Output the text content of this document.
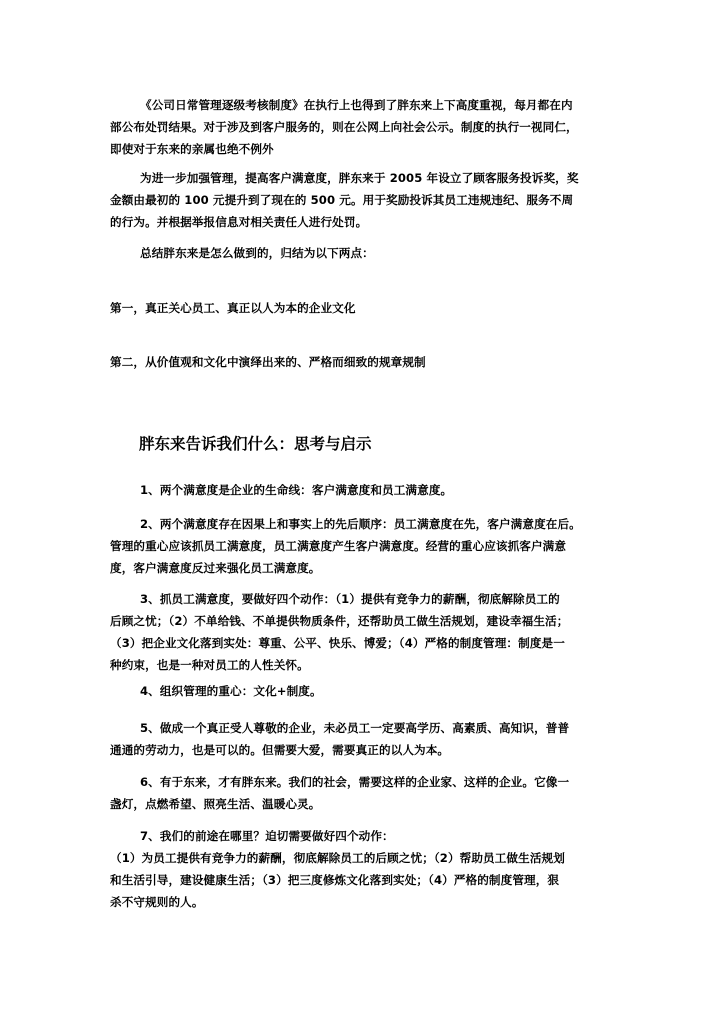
《公司日常管理逐级考核制度》在执行上也得到了胖东来上下高度重视，每月都在内
部公布处罚结果。对于涉及到客户服务的，则在公网上向社会公示。制度的执行一视同仁，
即使对于东来的亲属也绝不例外

为进一步加强管理，提高客户满意度，胖东来于 2005 年设立了顾客服务投诉奖，奖
金额由最初的 100 元提升到了现在的 500 元。用于奖励投诉其员工违规违纪、服务不周
的行为。并根据举报信息对相关责任人进行处罚。

总结胖东来是怎么做到的，归结为以下两点：

第一，真正关心员工、真正以人为本的企业文化

第二，从价值观和文化中演绎出来的、严格而细致的规章规制

胖东来告诉我们什么：思考与启示

1、两个满意度是企业的生命线：客户满意度和员工满意度。

2、两个满意度存在因果上和事实上的先后顺序：员工满意度在先，客户满意度在后。
管理的重心应该抓员工满意度，员工满意度产生客户满意度。经营的重心应该抓客户满意
度，客户满意度反过来强化员工满意度。

3、抓员工满意度，要做好四个动作：（1）提供有竞争力的薪酬，彻底解除员工的
后顾之忧；（2）不单给钱、不单提供物质条件，还帮助员工做生活规划，建设幸福生活；
（3）把企业文化落到实处：尊重、公平、快乐、博爱；（4）严格的制度管理：制度是一
种约束，也是一种对员工的人性关怀。

4、组织管理的重心：文化+制度。

5、做成一个真正受人尊敬的企业，未必员工一定要高学历、高素质、高知识，普普
通通的劳动力，也是可以的。但需要大爱，需要真正的以人为本。

6、有于东来，才有胖东来。我们的社会，需要这样的企业家、这样的企业。它像一
盏灯，点燃希望、照亮生活、温暖心灵。

7、我们的前途在哪里？迫切需要做好四个动作：
（1）为员工提供有竞争力的薪酬，彻底解除员工的后顾之忧；（2）帮助员工做生活规划
和生活引导，建设健康生活；（3）把三度修炼文化落到实处；（4）严格的制度管理，狠
杀不守规则的人。
